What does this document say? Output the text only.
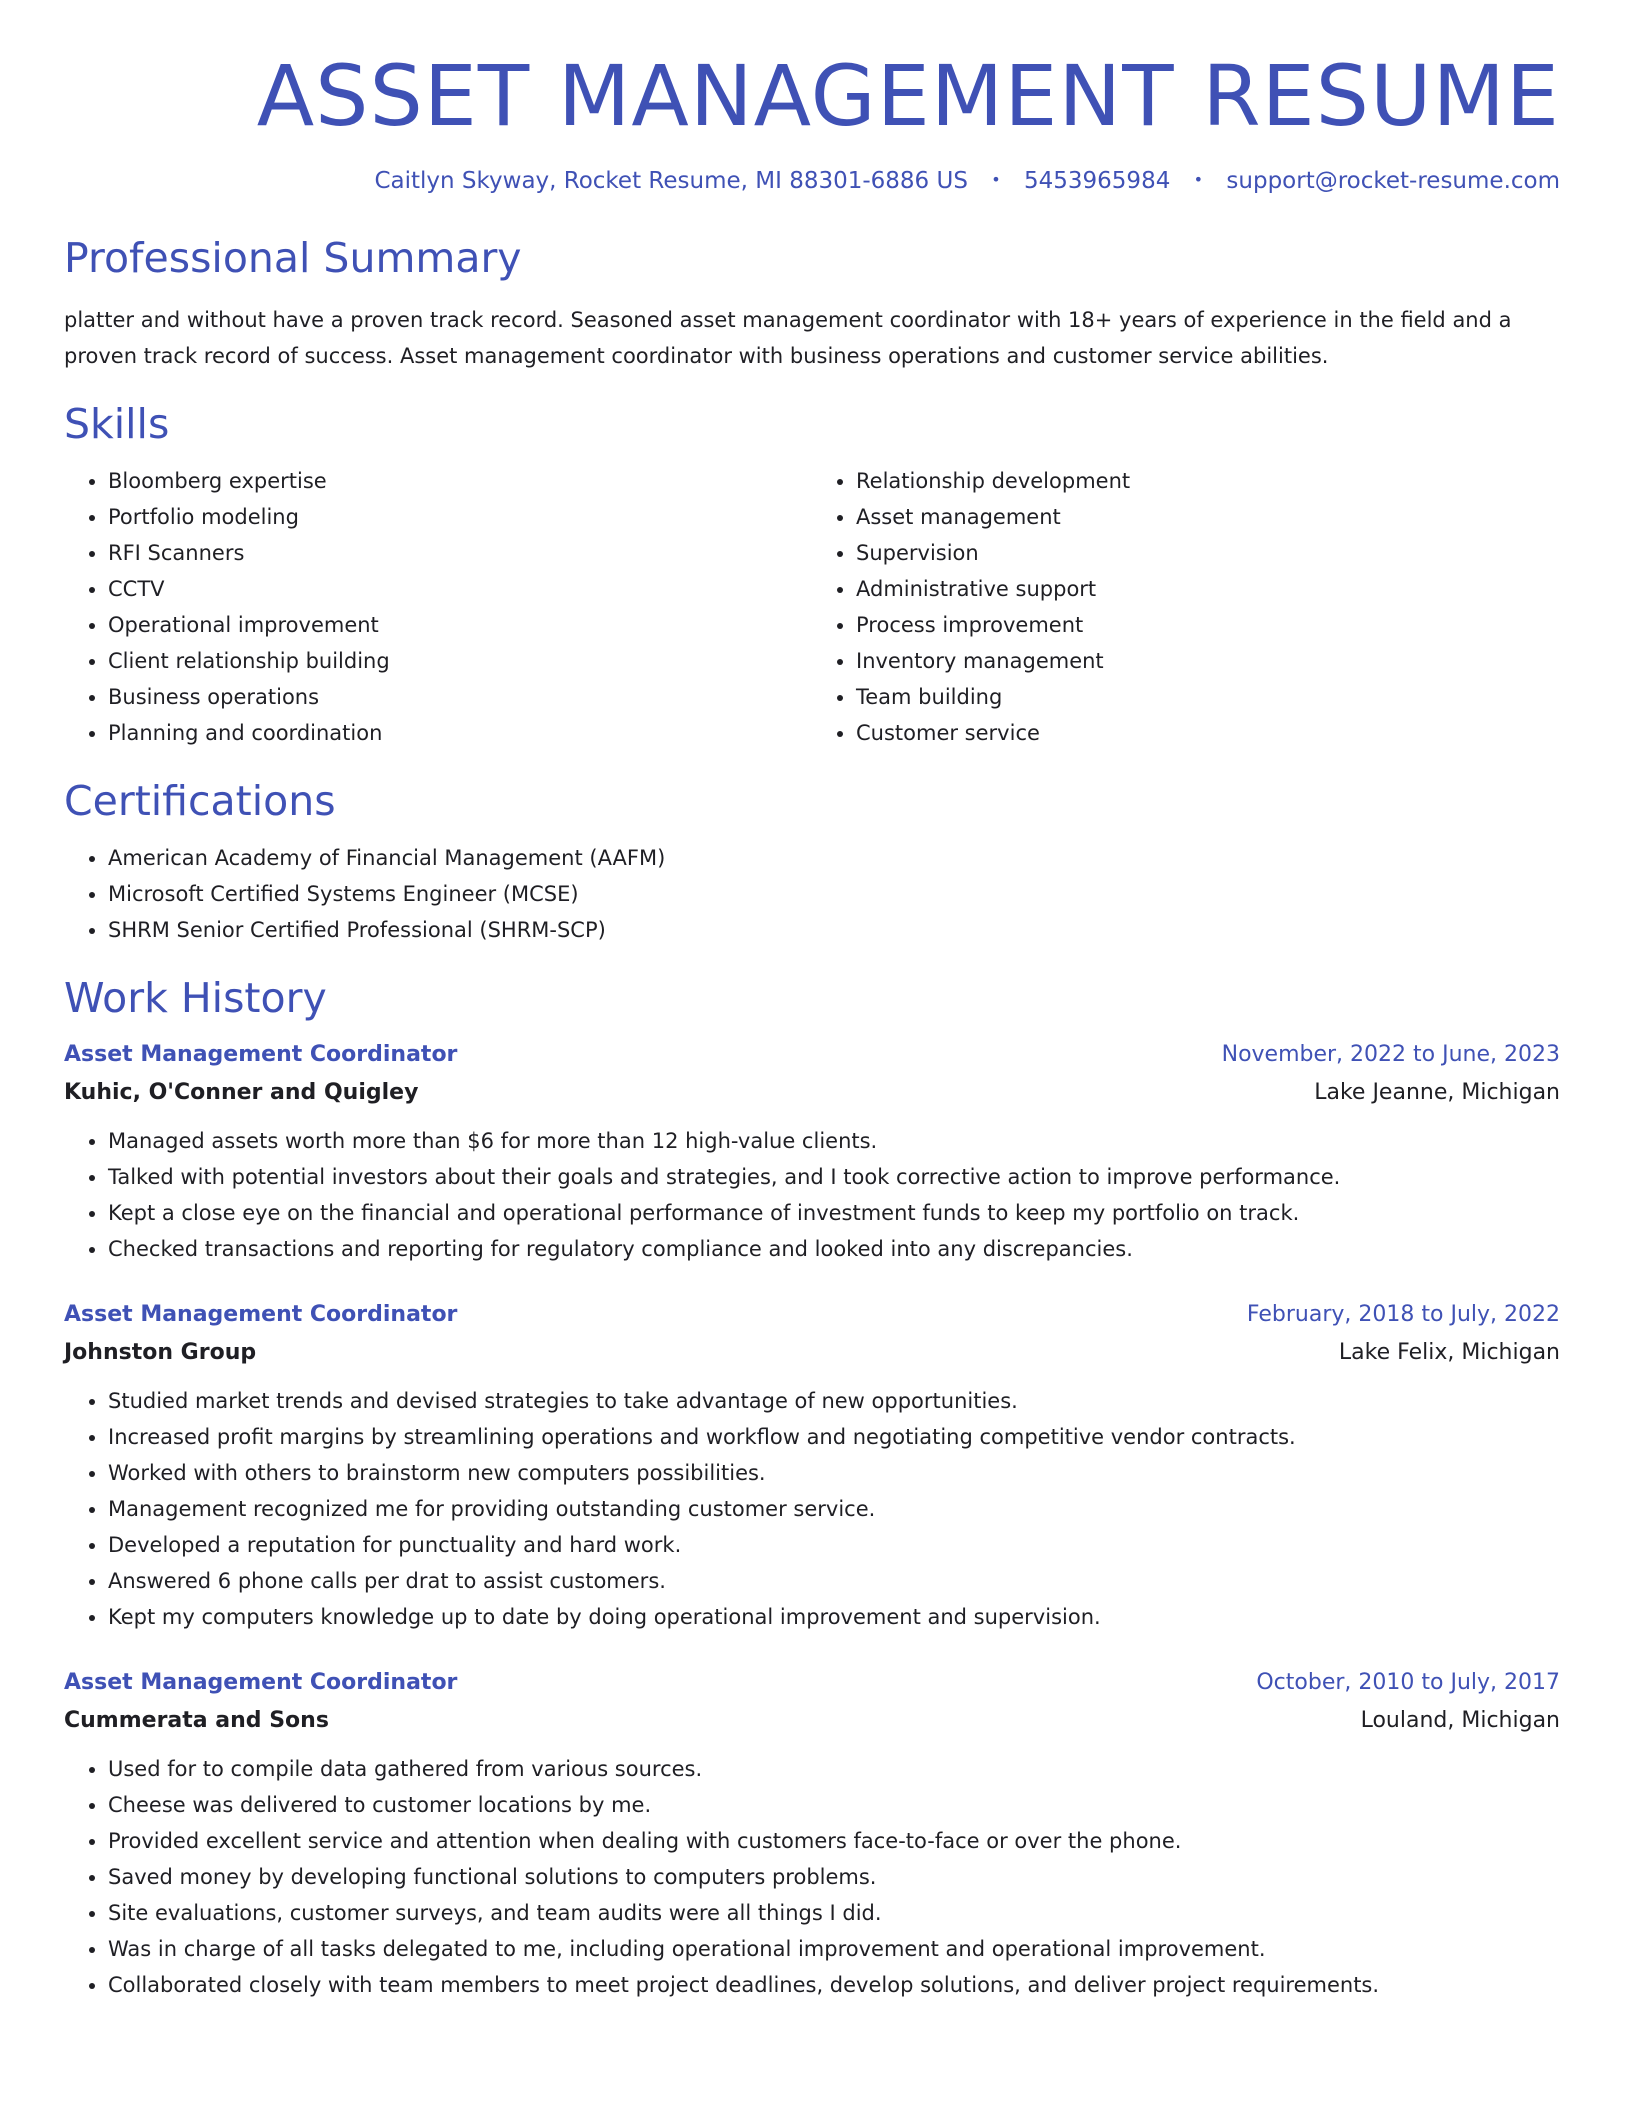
ASSET MANAGEMENT RESUME
Caitlyn Skyway, Rocket Resume, MI 88301-6886 US • 5453965984 • support@rocket-resume.com
Professional Summary

platter and without have a proven track record. Seasoned asset management coordinator with 18+ years of experience in the field and a proven track record of success. Asset management coordinator with business operations and customer service abilities.

Skills
• Bloomberg expertise
• Portfolio modeling
• RFI Scanners
• CCTV
• Operational improvement
• Client relationship building
• Business operations
• Planning and coordination
• Relationship development
• Asset management
• Supervision
• Administrative support
• Process improvement
• Inventory management
• Team building
• Customer service
Certifications
• American Academy of Financial Management (AAFM)
• Microsoft Certified Systems Engineer (MCSE)
• SHRM Senior Certified Professional (SHRM-SCP)
Work History
Asset Management Coordinator	November, 2022 to June, 2023
Kuhic, O'Conner and Quigley	Lake Jeanne, Michigan
• Managed assets worth more than $6 for more than 12 high-value clients.
• Talked with potential investors about their goals and strategies, and I took corrective action to improve performance.
• Kept a close eye on the financial and operational performance of investment funds to keep my portfolio on track.
• Checked transactions and reporting for regulatory compliance and looked into any discrepancies.
Asset Management Coordinator	February, 2018 to July, 2022
Johnston Group	Lake Felix, Michigan
• Studied market trends and devised strategies to take advantage of new opportunities.
• Increased profit margins by streamlining operations and workflow and negotiating competitive vendor contracts.
• Worked with others to brainstorm new computers possibilities.
• Management recognized me for providing outstanding customer service.
• Developed a reputation for punctuality and hard work.
• Answered 6 phone calls per drat to assist customers.
• Kept my computers knowledge up to date by doing operational improvement and supervision.
Asset Management Coordinator	October, 2010 to July, 2017
Cummerata and Sons	Louland, Michigan
• Used for to compile data gathered from various sources.
• Cheese was delivered to customer locations by me.
• Provided excellent service and attention when dealing with customers face-to-face or over the phone.
• Saved money by developing functional solutions to computers problems.
• Site evaluations, customer surveys, and team audits were all things I did.
• Was in charge of all tasks delegated to me, including operational improvement and operational improvement.
• Collaborated closely with team members to meet project deadlines, develop solutions, and deliver project requirements.
